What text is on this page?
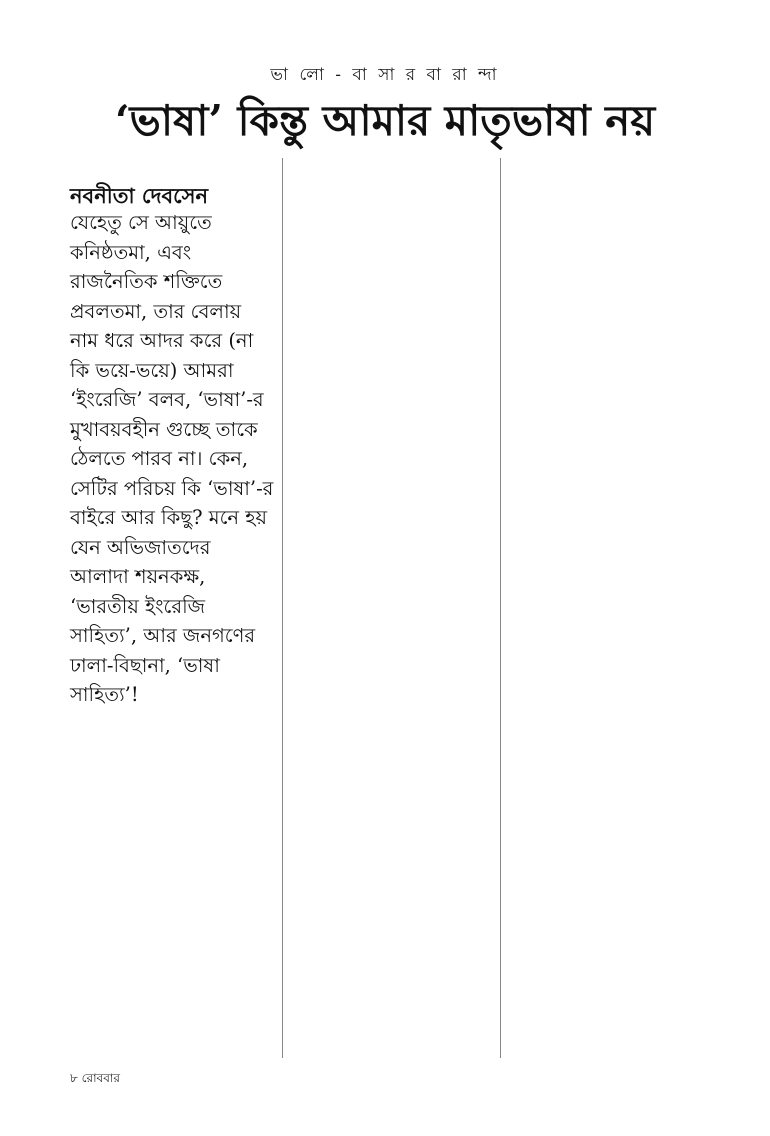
ভা লো - বা সা র বা রা ন্দা
‘ভাষা’ কিন্তু আমার মাতৃভাষা নয়
নবনীতা দেবসেন
যেহেতু সে আয়ুতে কনিষ্ঠতমা, এবং রাজনৈতিক শক্তিতে প্রবলতমা, তার বেলায় নাম ধরে আদর করে (না কি ভয়ে-ভয়ে) আমরা ‘ইংরেজি’ বলব, ‘ভাষা’-র মুখাবয়বহীন গুচ্ছে তাকে ঠেলতে পারব না। কেন, সেটির পরিচয় কি ‘ভাষা’-র বাইরে আর কিছু? মনে হয় যেন অভিজাতদের আলাদা শয়নকক্ষ, ‘ভারতীয় ইংরেজি সাহিত্য’, আর জনগণের ঢালা-বিছানা, ‘ভাষা সাহিত্য’!

৮ রোববার
